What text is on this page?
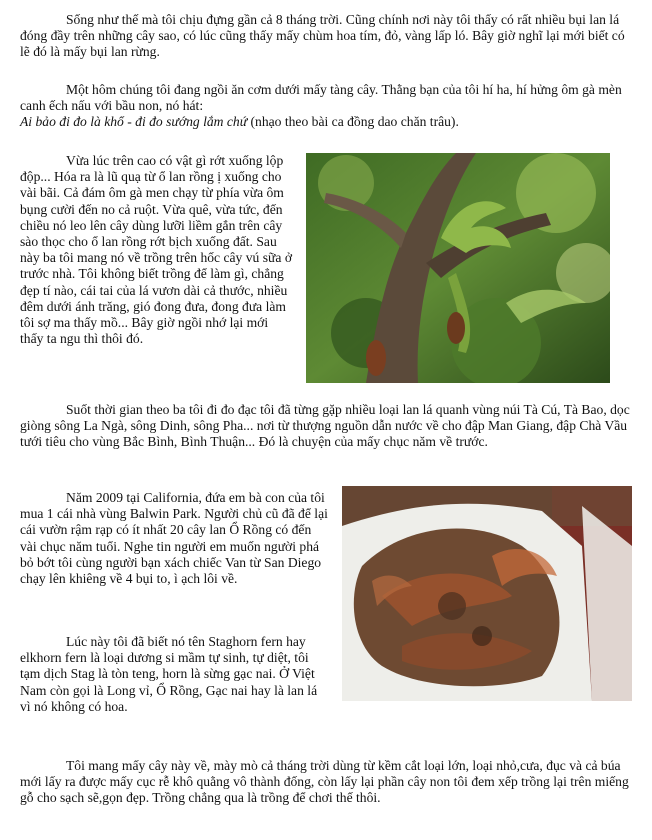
Sống như thế mà tôi chịu đựng gần cả 8 tháng trời. Cũng chính nơi này tôi thấy có rất nhiều bụi lan lá đóng đầy trên những cây sao, có lúc cũng thấy mấy chùm hoa tím, đỏ, vàng lấp ló. Bây giờ nghĩ lại mới biết có lẽ đó là mấy bụi lan rừng.

Một hôm chúng tôi đang ngồi ăn cơm dưới mấy tàng cây. Thằng bạn của tôi hí ha, hí hửng ôm gà mèn canh ếch nấu với bầu non, nó hát:
Ai bảo đi đo là khổ - đi đo sướng lắm chứ (nhạo theo bài ca đồng dao chăn trâu).

Vừa lúc trên cao có vật gì rớt xuống lộp độp... Hóa ra là lũ quạ từ ổ lan rồng ị xuống cho vài bãi. Cả đám ôm gà men chạy từ phía vừa ôm bụng cười đến no cả ruột. Vừa quê, vừa tức, đến chiều nó leo lên cây dùng lưỡi liềm gắn trên cây sào thọc cho ổ lan rồng rớt bịch xuống đất. Sau này ba tôi mang nó về trồng trên hốc cây vú sữa ở trước nhà. Tôi không biết trồng để làm gì, chẳng đẹp tí nào, cái tai của lá vươn dài cả thước, nhiều đêm dưới ánh trăng, gió đong đưa, đong đưa làm tôi sợ ma thấy mồ... Bây giờ ngồi nhớ lại mới thấy ta ngu thì thôi đó.

Suốt thời gian theo ba tôi đi đo đạc tôi đã từng gặp nhiều loại lan lá quanh vùng núi Tà Cú, Tà Bao, dọc giòng sông La Ngà, sông Dinh, sông Pha... nơi từ thượng nguồn dẫn nước về cho đập Man Giang, đập Chà Vầu tưới tiêu cho vùng Bắc Bình, Bình Thuận... Đó là chuyện của mấy chục năm về trước.

Năm 2009 tại California, đứa em bà con của tôi mua 1 cái nhà vùng Balwin Park. Người chủ cũ đã để lại cái vườn rậm rạp có ít nhất 20 cây lan Ổ Rồng có đến vài chục năm tuổi. Nghe tin người em muốn người phá bỏ bớt tôi cùng người bạn xách chiếc Van từ San Diego chạy lên khiêng về 4 bụi to, ì ạch lôi về.

Lúc này tôi đã biết nó tên Staghorn fern hay elkhorn fern là loại dương si mầm tự sinh, tự diệt, tôi tạm dịch Stag là tòn teng, horn là sừng gạc nai. Ở Việt Nam còn gọi là Long vỉ, Ổ Rồng, Gạc nai hay là lan lá vì nó không có hoa.

Tôi mang mấy cây này về, mày mò cả tháng trời dùng từ kềm cắt loại lớn, loại nhỏ,cưa, đục và cả búa mới lấy ra được mấy cục rễ khô quằng vô thành đống, còn lấy lại phần cây non tôi đem xếp trồng lại trên miếng gỗ cho sạch sẽ,gọn đẹp. Trồng chẳng qua là trồng để chơi thế thôi.
